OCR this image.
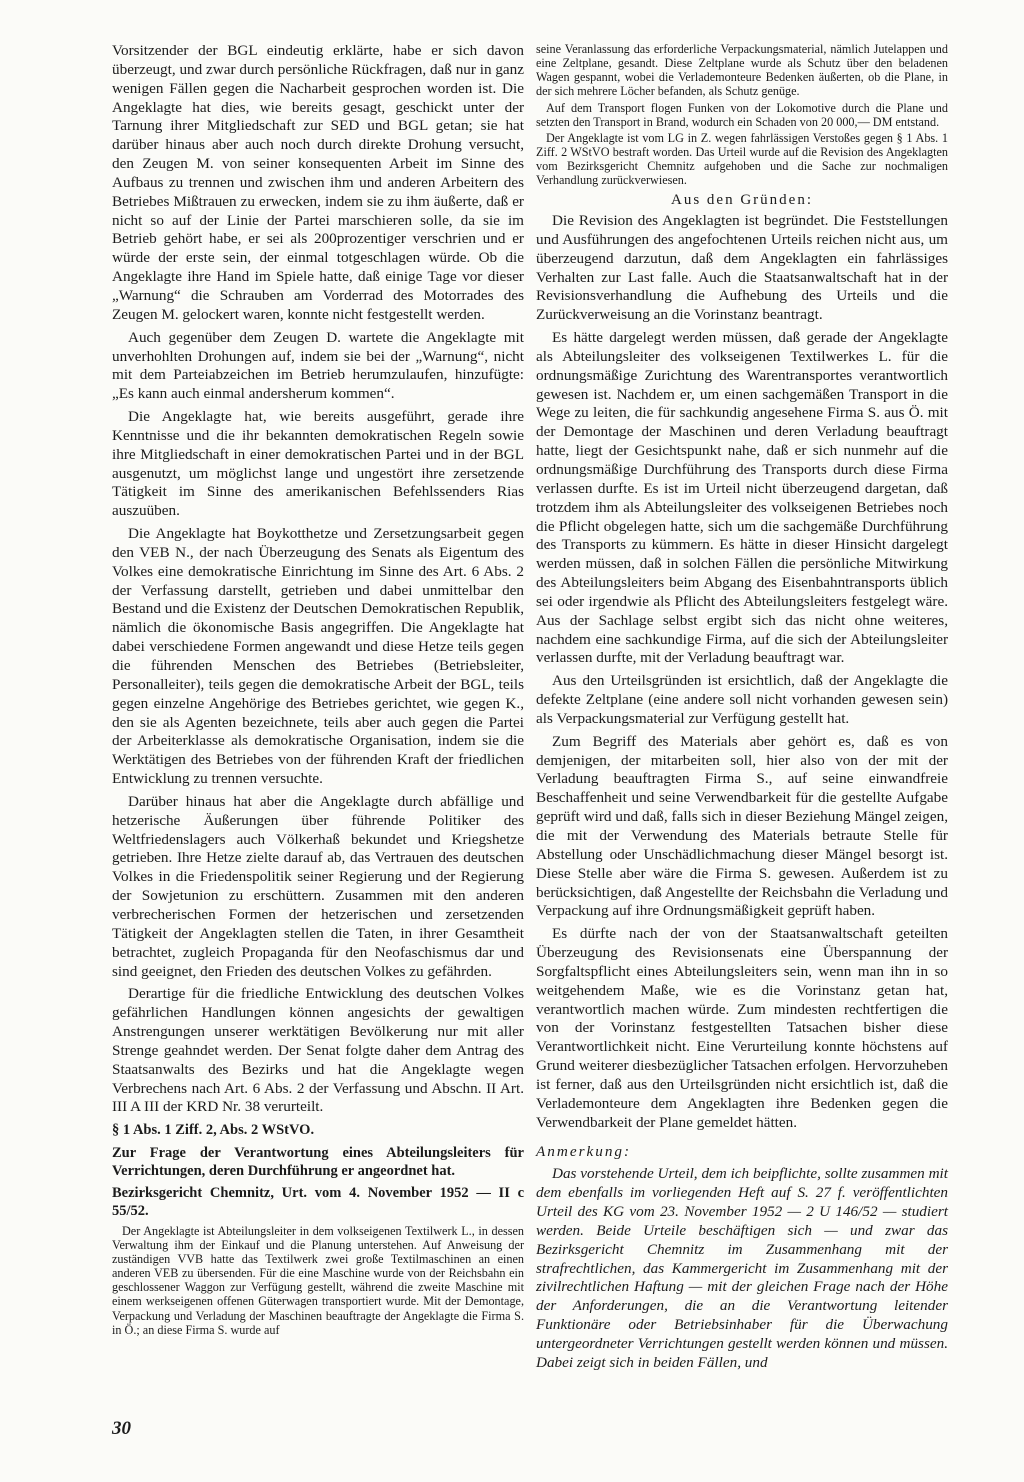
Vorsitzender der BGL eindeutig erklärte, habe er sich davon überzeugt, und zwar durch persönliche Rückfragen, daß nur in ganz wenigen Fällen gegen die Nacharbeit gesprochen worden ist. Die Angeklagte hat dies, wie bereits gesagt, geschickt unter der Tarnung ihrer Mitgliedschaft zur SED und BGL getan; sie hat darüber hinaus aber auch noch durch direkte Drohung versucht, den Zeugen M. von seiner konsequenten Arbeit im Sinne des Aufbaus zu trennen und zwischen ihm und anderen Arbeitern des Betriebes Mißtrauen zu erwecken, indem sie zu ihm äußerte, daß er nicht so auf der Linie der Partei marschieren solle, da sie im Betrieb gehört habe, er sei als 200prozentiger verschrien und er würde der erste sein, der einmal totgeschlagen würde. Ob die Angeklagte ihre Hand im Spiele hatte, daß einige Tage vor dieser „Warnung“ die Schrauben am Vorderrad des Motorrades des Zeugen M. gelockert waren, konnte nicht festgestellt werden.

Auch gegenüber dem Zeugen D. wartete die Angeklagte mit unverhohlten Drohungen auf, indem sie bei der „Warnung“, nicht mit dem Parteiabzeichen im Betrieb herumzulaufen, hinzufügte: „Es kann auch einmal andersherum kommen“.

Die Angeklagte hat, wie bereits ausgeführt, gerade ihre Kenntnisse und die ihr bekannten demokratischen Regeln sowie ihre Mitgliedschaft in einer demokratischen Partei und in der BGL ausgenutzt, um möglichst lange und ungestört ihre zersetzende Tätigkeit im Sinne des amerikanischen Befehlssenders Rias auszuüben.

Die Angeklagte hat Boykotthetze und Zersetzungsarbeit gegen den VEB N., der nach Überzeugung des Senats als Eigentum des Volkes eine demokratische Einrichtung im Sinne des Art. 6 Abs. 2 der Verfassung darstellt, getrieben und dabei unmittelbar den Bestand und die Existenz der Deutschen Demokratischen Republik, nämlich die ökonomische Basis angegriffen. Die Angeklagte hat dabei verschiedene Formen angewandt und diese Hetze teils gegen die führenden Menschen des Betriebes (Betriebsleiter, Personalleiter), teils gegen die demokratische Arbeit der BGL, teils gegen einzelne Angehörige des Betriebes gerichtet, wie gegen K., den sie als Agenten bezeichnete, teils aber auch gegen die Partei der Arbeiterklasse als demokratische Organisation, indem sie die Werktätigen des Betriebes von der führenden Kraft der friedlichen Entwicklung zu trennen versuchte.

Darüber hinaus hat aber die Angeklagte durch abfällige und hetzerische Äußerungen über führende Politiker des Weltfriedenslagers auch Völkerhaß bekundet und Kriegshetze getrieben. Ihre Hetze zielte darauf ab, das Vertrauen des deutschen Volkes in die Friedenspolitik seiner Regierung und der Regierung der Sowjetunion zu erschüttern. Zusammen mit den anderen verbrecherischen Formen der hetzerischen und zersetzenden Tätigkeit der Angeklagten stellen die Taten, in ihrer Gesamtheit betrachtet, zugleich Propaganda für den Neofaschismus dar und sind geeignet, den Frieden des deutschen Volkes zu gefährden.

Derartige für die friedliche Entwicklung des deutschen Volkes gefährlichen Handlungen können angesichts der gewaltigen Anstrengungen unserer werktätigen Bevölkerung nur mit aller Strenge geahndet werden. Der Senat folgte daher dem Antrag des Staatsanwalts des Bezirks und hat die Angeklagte wegen Verbrechens nach Art. 6 Abs. 2 der Verfassung und Abschn. II Art. III A III der KRD Nr. 38 verurteilt.

§ 1 Abs. 1 Ziff. 2, Abs. 2 WStVO.

Zur Frage der Verantwortung eines Abteilungsleiters für Verrichtungen, deren Durchführung er angeordnet hat.

Bezirksgericht Chemnitz, Urt. vom 4. November 1952 — II c 55/52.

Der Angeklagte ist Abteilungsleiter in dem volkseigenen Textilwerk L., in dessen Verwaltung ihm der Einkauf und die Planung unterstehen. Auf Anweisung der zuständigen VVB hatte das Textilwerk zwei große Textilmaschinen an einen anderen VEB zu übersenden. Für die eine Maschine wurde von der Reichsbahn ein geschlossener Waggon zur Verfügung gestellt, während die zweite Maschine mit einem werkseigenen offenen Güterwagen transportiert wurde. Mit der Demontage, Verpackung und Verladung der Maschinen beauftragte der Angeklagte die Firma S. in Ö.; an diese Firma S. wurde auf

seine Veranlassung das erforderliche Verpackungsmaterial, nämlich Jutelappen und eine Zeltplane, gesandt. Diese Zeltplane wurde als Schutz über den beladenen Wagen gespannt, wobei die Verlademonteure Bedenken äußerten, ob die Plane, in der sich mehrere Löcher befanden, als Schutz genüge.

Auf dem Transport flogen Funken von der Lokomotive durch die Plane und setzten den Transport in Brand, wodurch ein Schaden von 20 000,— DM entstand.

Der Angeklagte ist vom LG in Z. wegen fahrlässigen Verstoßes gegen § 1 Abs. 1 Ziff. 2 WStVO bestraft worden. Das Urteil wurde auf die Revision des Angeklagten vom Bezirksgericht Chemnitz aufgehoben und die Sache zur nochmaligen Verhandlung zurückverwiesen.

Aus den Gründen:

Die Revision des Angeklagten ist begründet. Die Feststellungen und Ausführungen des angefochtenen Urteils reichen nicht aus, um überzeugend darzutun, daß dem Angeklagten ein fahrlässiges Verhalten zur Last falle. Auch die Staatsanwaltschaft hat in der Revisionsverhandlung die Aufhebung des Urteils und die Zurückverweisung an die Vorinstanz beantragt.

Es hätte dargelegt werden müssen, daß gerade der Angeklagte als Abteilungsleiter des volkseigenen Textilwerkes L. für die ordnungsmäßige Zurichtung des Warentransportes verantwortlich gewesen ist. Nachdem er, um einen sachgemäßen Transport in die Wege zu leiten, die für sachkundig angesehene Firma S. aus Ö. mit der Demontage der Maschinen und deren Verladung beauftragt hatte, liegt der Gesichtspunkt nahe, daß er sich nunmehr auf die ordnungsmäßige Durchführung des Transports durch diese Firma verlassen durfte. Es ist im Urteil nicht überzeugend dargetan, daß trotzdem ihm als Abteilungsleiter des volkseigenen Betriebes noch die Pflicht obgelegen hatte, sich um die sachgemäße Durchführung des Transports zu kümmern. Es hätte in dieser Hinsicht dargelegt werden müssen, daß in solchen Fällen die persönliche Mitwirkung des Abteilungsleiters beim Abgang des Eisenbahntransports üblich sei oder irgendwie als Pflicht des Abteilungsleiters festgelegt wäre. Aus der Sachlage selbst ergibt sich das nicht ohne weiteres, nachdem eine sachkundige Firma, auf die sich der Abteilungsleiter verlassen durfte, mit der Verladung beauftragt war.

Aus den Urteilsgründen ist ersichtlich, daß der Angeklagte die defekte Zeltplane (eine andere soll nicht vorhanden gewesen sein) als Verpackungsmaterial zur Verfügung gestellt hat.

Zum Begriff des Materials aber gehört es, daß es von demjenigen, der mitarbeiten soll, hier also von der mit der Verladung beauftragten Firma S., auf seine einwandfreie Beschaffenheit und seine Verwendbarkeit für die gestellte Aufgabe geprüft wird und daß, falls sich in dieser Beziehung Mängel zeigen, die mit der Verwendung des Materials betraute Stelle für Abstellung oder Unschädlichmachung dieser Mängel besorgt ist. Diese Stelle aber wäre die Firma S. gewesen. Außerdem ist zu berücksichtigen, daß Angestellte der Reichsbahn die Verladung und Verpackung auf ihre Ordnungsmäßigkeit geprüft haben.

Es dürfte nach der von der Staatsanwaltschaft geteilten Überzeugung des Revisionsenats eine Überspannung der Sorgfaltspflicht eines Abteilungsleiters sein, wenn man ihn in so weitgehendem Maße, wie es die Vorinstanz getan hat, verantwortlich machen würde. Zum mindesten rechtfertigen die von der Vorinstanz festgestellten Tatsachen bisher diese Verantwortlichkeit nicht. Eine Verurteilung konnte höchstens auf Grund weiterer diesbezüglicher Tatsachen erfolgen. Hervorzuheben ist ferner, daß aus den Urteilsgründen nicht ersichtlich ist, daß die Verlademonteure dem Angeklagten ihre Bedenken gegen die Verwendbarkeit der Plane gemeldet hätten.

Anmerkung:

Das vorstehende Urteil, dem ich beipflichte, sollte zusammen mit dem ebenfalls im vorliegenden Heft auf S. 27 f. veröffentlichten Urteil des KG vom 23. November 1952 — 2 U 146/52 — studiert werden. Beide Urteile beschäftigen sich — und zwar das Bezirksgericht Chemnitz im Zusammenhang mit der strafrechtlichen, das Kammergericht im Zusammenhang mit der zivilrechtlichen Haftung — mit der gleichen Frage nach der Höhe der Anforderungen, die an die Verantwortung leitender Funktionäre oder Betriebsinhaber für die Überwachung untergeordneter Verrichtungen gestellt werden können und müssen. Dabei zeigt sich in beiden Fällen, und

30
